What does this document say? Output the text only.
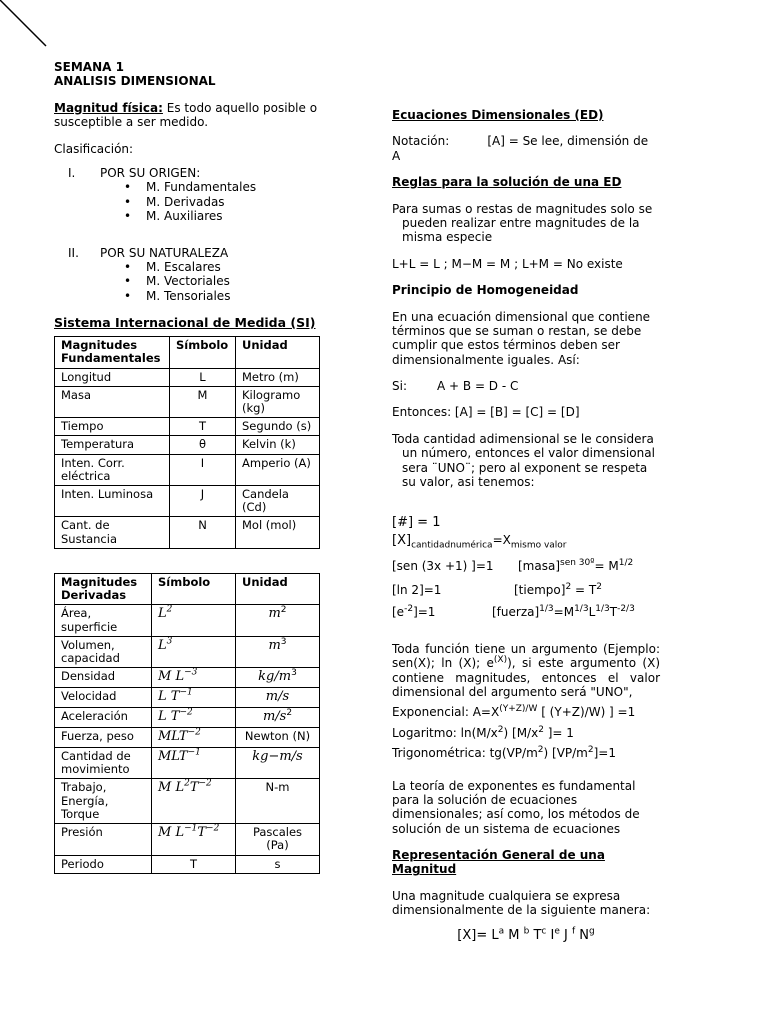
SEMANA 1

ANALISIS DIMENSIONAL

Magnitud física: Es todo aquello posible o susceptible a ser medido.

Clasificación:

I.	POR SU ORIGEN:
• M. Fundamentales
• M. Derivadas
• M. Auxiliares
II.	POR SU NATURALEZA
• M. Escalares
• M. Vectoriales
• M. Tensoriales

Sistema Internacional de Medida (SI)

Magnitudes Fundamentales	Símbolo	Unidad
Longitud	L	Metro (m)
Masa	M	Kilogramo (kg)
Tiempo	T	Segundo (s)
Temperatura	θ	Kelvin (k)
Inten. Corr. eléctrica	I	Amperio (A)
Inten. Luminosa	J	Candela (Cd)
Cant. de Sustancia	N	Mol (mol)
Magnitudes Derivadas	Símbolo	Unidad
Área, superficie	$L^2$	$m^2$
Volumen, capacidad	$L^3$	$m^3$
Densidad	M $L^{-3}$	$kg/m^3$
Velocidad	L $T^{-1}$	m/s
Aceleración	L $T^{-2}$	$m/s^2$
Fuerza, peso	$MLT^{-2}$	Newton (N)
Cantidad de movimiento	$MLT^{-1}$	kg−m/s
Trabajo, Energía, Torque	M $L^2T^{-2}$	N-m
Presión	M $L^{-1}T^{-2}$	Pascales (Pa)
Periodo	T	s

Ecuaciones Dimensionales (ED)

Notación:	[A] = Se lee, dimensión de A

Reglas para la solución de una ED

Para sumas o restas de magnitudes solo se pueden realizar entre magnitudes de la misma especie

L+L = L ; M−M = M ; L+M = No existe

Principio de Homogeneidad

En una ecuación dimensional que contiene términos que se suman o restan, se debe cumplir que estos términos deben ser dimensionalmente iguales. Así:

Si:	A + B = D - C

Entonces: [A] = [B] = [C] = [D]

Toda cantidad adimensional se le considera un número, entonces el valor dimensional sera ¨UNO¨; pero al exponent se respeta su valor, asi tenemos:

[#] = 1

$[X]_{cantidadnumérica}=X_{mismo valor}$

[sen (3x +1) ]=1 [masa]$^{sen 30º}$= $M^{1/2}$

[ln 2]=1	[tiempo]$^2$ = $T^2$

$[e^{-2}]=1$	$[fuerza]^{1/3}=M^{1/3}L^{1/3}T^{-2/3}$

Toda función tiene un argumento (Ejemplo: sen(X); ln (X); $e^{(X)}$), si este argumento (X) contiene magnitudes, entonces el valor dimensional del argumento será "UNO",

Exponencial: $A=X^{(Y+Z)/W}$ [ (Y+Z)/W) ] =1

Logaritmo: $\ln(M/x^2)$ [$M/x^2$ ]= 1

Trigonométrica: $tg(VP/m^2)$ $[VP/m^2]=1$

La teoría de exponentes es fundamental para la solución de ecuaciones dimensionales; así como, los métodos de solución de un sistema de ecuaciones

Representación General de una Magnitud

Una magnitude cualquiera se expresa dimensionalmente de la siguiente manera:

$[X]= L^a$ M $^b$ $T^c$ Ie J $^f$ $N^g$
